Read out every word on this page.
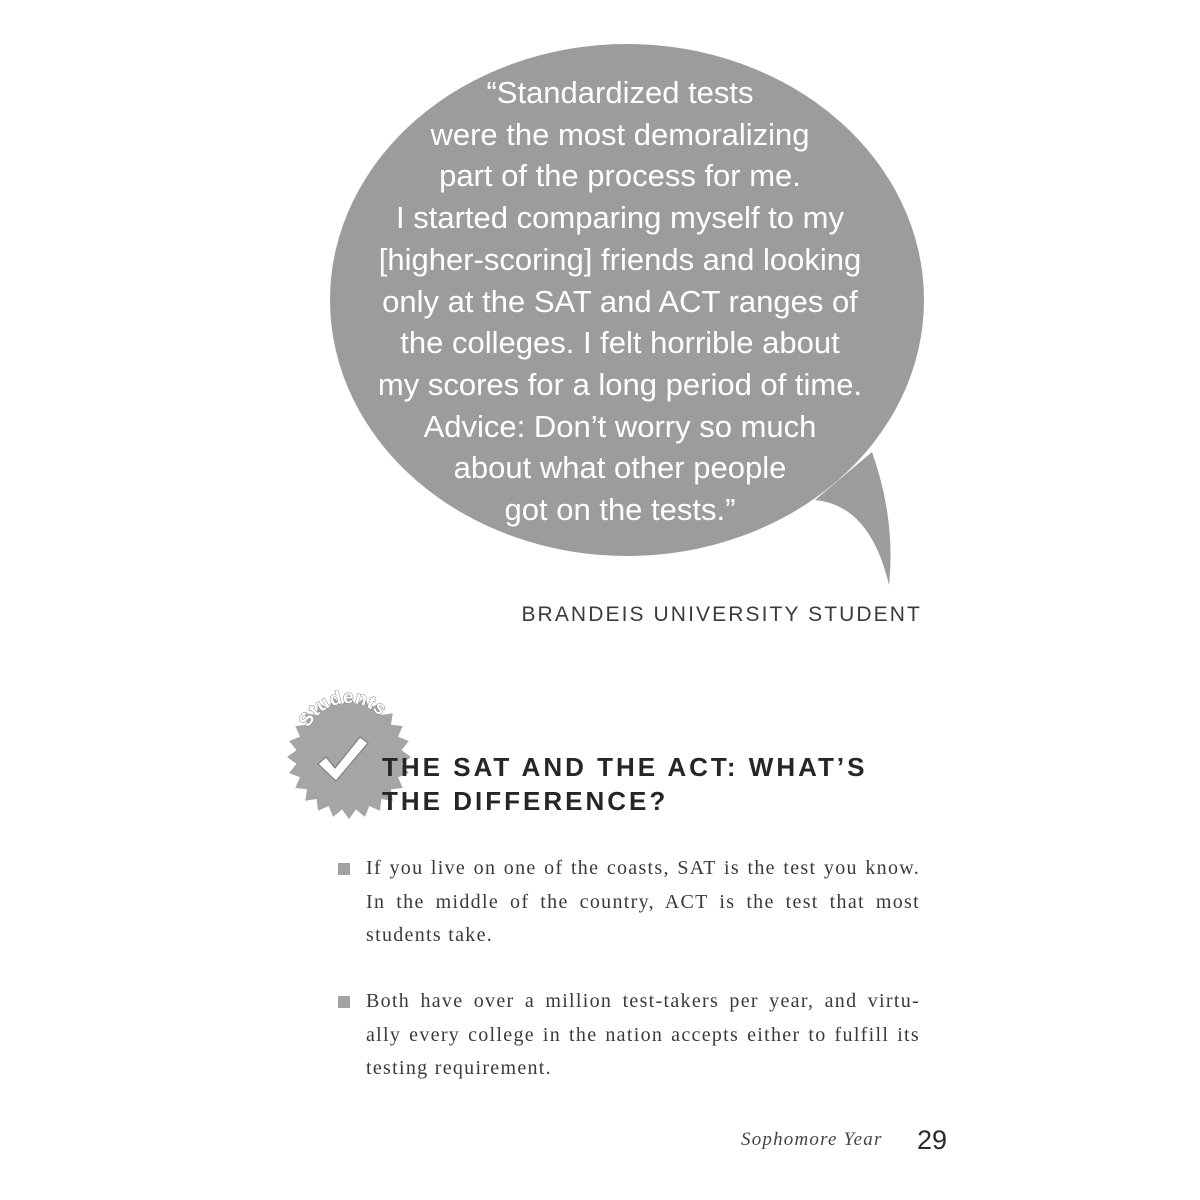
“Standardized tests
were the most demoralizing
part of the process for me.
I started comparing myself to my
[higher-scoring] friends and looking
only at the SAT and ACT ranges of
the colleges. I felt horrible about
my scores for a long period of time.
Advice: Don’t worry so much
about what other people
got on the tests.”
BRANDEIS UNIVERSITY STUDENT
Students
THE SAT AND THE ACT: WHAT’S
THE DIFFERENCE?
If you live on one of the coasts, SAT is the test you know.
In the middle of the country, ACT is the test that most
students take.
Both have over a million test-takers per year, and virtu-
ally every college in the nation accepts either to fulfill its
testing requirement.
Sophomore Year 29
